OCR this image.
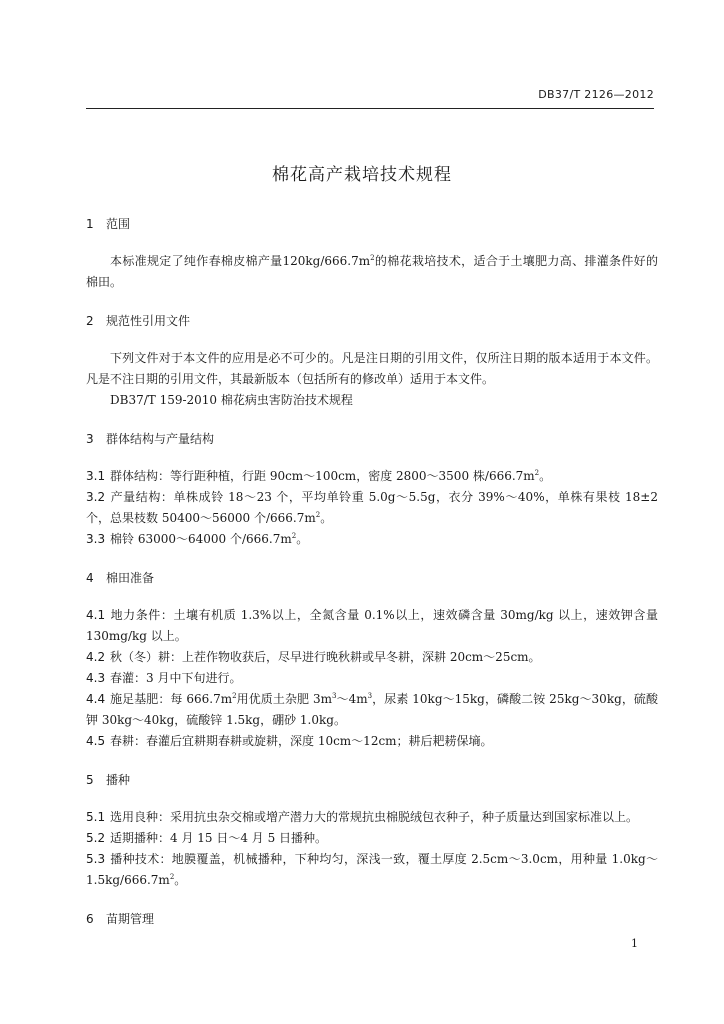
DB37/T 2126—2012
棉花高产栽培技术规程
1 范围

本标准规定了纯作春棉皮棉产量$120kg/666.7m^2$的棉花栽培技术，适合于土壤肥力高、排灌条件好的棉田。

2 规范性引用文件

下列文件对于本文件的应用是必不可少的。凡是注日期的引用文件，仅所注日期的版本适用于本文件。凡是不注日期的引用文件，其最新版本（包括所有的修改单）适用于本文件。

DB37/T 159-2010 棉花病虫害防治技术规程

3 群体结构与产量结构

3.1 群体结构：等行距种植，行距 90cm～100cm，密度 2800～3500 株$/666.7m^2$。

3.2 产量结构：单株成铃 18～23 个，平均单铃重 5.0g～5.5g，衣分 39%～40%，单株有果枝 18±2 个，总果枝数 50400～56000 个$/666.7m^2$。

3.3 棉铃 63000～64000 个$/666.7m^2$。

4 棉田准备

4.1 地力条件：土壤有机质 1.3%以上，全氮含量 0.1%以上，速效磷含量 30mg/kg 以上，速效钾含量 130mg/kg 以上。

4.2 秋（冬）耕：上茬作物收获后，尽早进行晚秋耕或早冬耕，深耕 20cm～25cm。

4.3 春灌：3 月中下旬进行。

4.4 施足基肥：每 $666.7m^2$用优质土杂肥 $3m^3\sim 4m^3$，尿素 10kg～15kg，磷酸二铵 25kg～30kg，硫酸钾 30kg～40kg，硫酸锌 1.5kg，硼砂 1.0kg。

4.5 春耕：春灌后宜耕期春耕或旋耕，深度 10cm～12cm；耕后耙耢保墒。

5 播种

5.1 选用良种：采用抗虫杂交棉或增产潜力大的常规抗虫棉脱绒包衣种子，种子质量达到国家标准以上。

5.2 适期播种：4 月 15 日～4 月 5 日播种。

5.3 播种技术：地膜覆盖，机械播种，下种均匀，深浅一致，覆土厚度 2.5cm～3.0cm，用种量 $1.0kg\sim 1.5kg/666.7m^2$。

6 苗期管理
1
